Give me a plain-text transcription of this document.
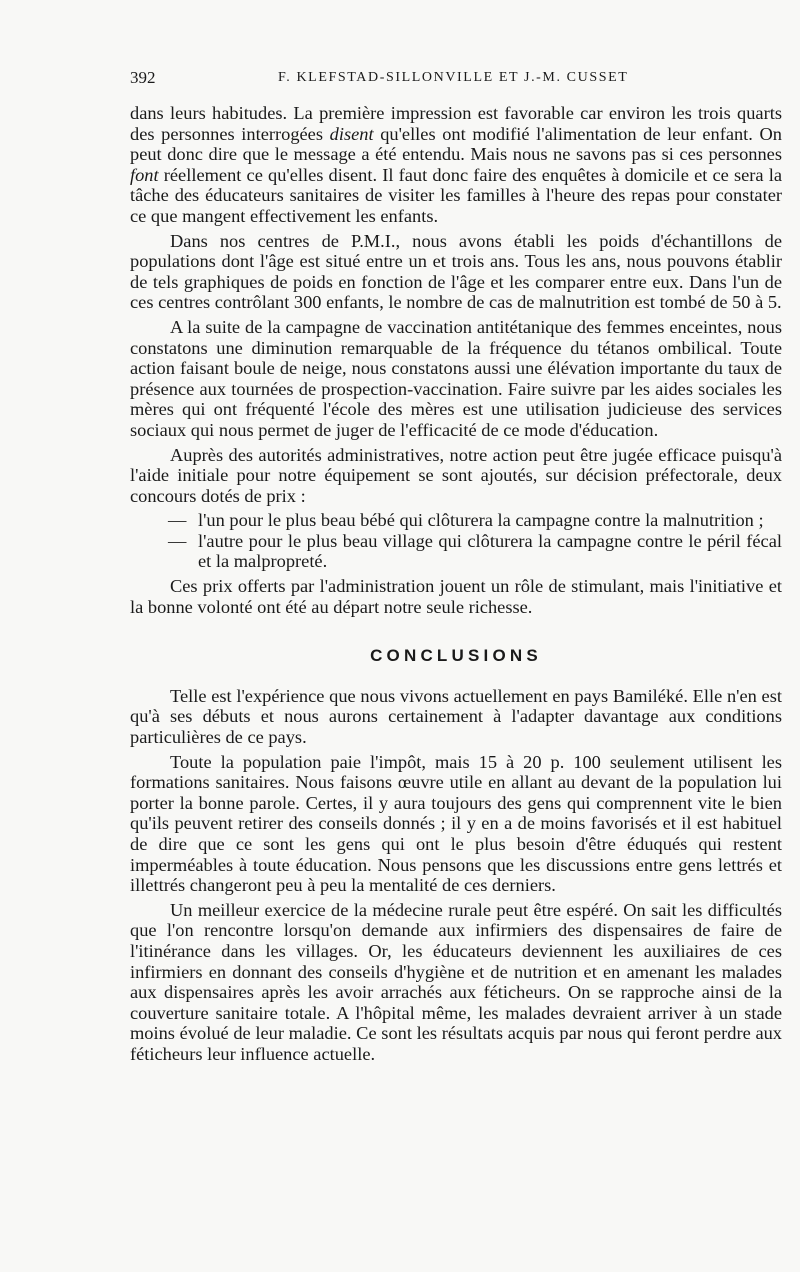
392	F. KLEFSTAD-SILLONVILLE ET J.-M. CUSSET

dans leurs habitudes. La première impression est favorable car environ les trois quarts des personnes interrogées disent qu'elles ont modifié l'alimentation de leur enfant. On peut donc dire que le message a été entendu. Mais nous ne savons pas si ces personnes font réellement ce qu'elles disent. Il faut donc faire des enquêtes à domicile et ce sera la tâche des éducateurs sanitaires de visiter les familles à l'heure des repas pour constater ce que mangent effectivement les enfants.

Dans nos centres de P.M.I., nous avons établi les poids d'échantillons de populations dont l'âge est situé entre un et trois ans. Tous les ans, nous pouvons établir de tels graphiques de poids en fonction de l'âge et les comparer entre eux. Dans l'un de ces centres contrôlant 300 enfants, le nombre de cas de malnutrition est tombé de 50 à 5.

A la suite de la campagne de vaccination antitétanique des femmes enceintes, nous constatons une diminution remarquable de la fréquence du tétanos ombilical. Toute action faisant boule de neige, nous constatons aussi une élévation importante du taux de présence aux tournées de prospection-vaccination. Faire suivre par les aides sociales les mères qui ont fréquenté l'école des mères est une utilisation judicieuse des services sociaux qui nous permet de juger de l'efficacité de ce mode d'éducation.

Auprès des autorités administratives, notre action peut être jugée efficace puisqu'à l'aide initiale pour notre équipement se sont ajoutés, sur décision préfectorale, deux concours dotés de prix :

— l'un pour le plus beau bébé qui clôturera la campagne contre la malnutrition ;

— l'autre pour le plus beau village qui clôturera la campagne contre le péril fécal et la malpropreté.

Ces prix offerts par l'administration jouent un rôle de stimulant, mais l'initiative et la bonne volonté ont été au départ notre seule richesse.

CONCLUSIONS

Telle est l'expérience que nous vivons actuellement en pays Bamiléké. Elle n'en est qu'à ses débuts et nous aurons certainement à l'adapter davantage aux conditions particulières de ce pays.

Toute la population paie l'impôt, mais 15 à 20 p. 100 seulement utilisent les formations sanitaires. Nous faisons œuvre utile en allant au devant de la population lui porter la bonne parole. Certes, il y aura toujours des gens qui comprennent vite le bien qu'ils peuvent retirer des conseils donnés ; il y en a de moins favorisés et il est habituel de dire que ce sont les gens qui ont le plus besoin d'être éduqués qui restent imperméables à toute éducation. Nous pensons que les discussions entre gens lettrés et illettrés changeront peu à peu la mentalité de ces derniers.

Un meilleur exercice de la médecine rurale peut être espéré. On sait les difficultés que l'on rencontre lorsqu'on demande aux infirmiers des dispensaires de faire de l'itinérance dans les villages. Or, les éducateurs deviennent les auxiliaires de ces infirmiers en donnant des conseils d'hygiène et de nutrition et en amenant les malades aux dispensaires après les avoir arrachés aux féticheurs. On se rapproche ainsi de la couverture sanitaire totale. A l'hôpital même, les malades devraient arriver à un stade moins évolué de leur maladie. Ce sont les résultats acquis par nous qui feront perdre aux féticheurs leur influence actuelle.
